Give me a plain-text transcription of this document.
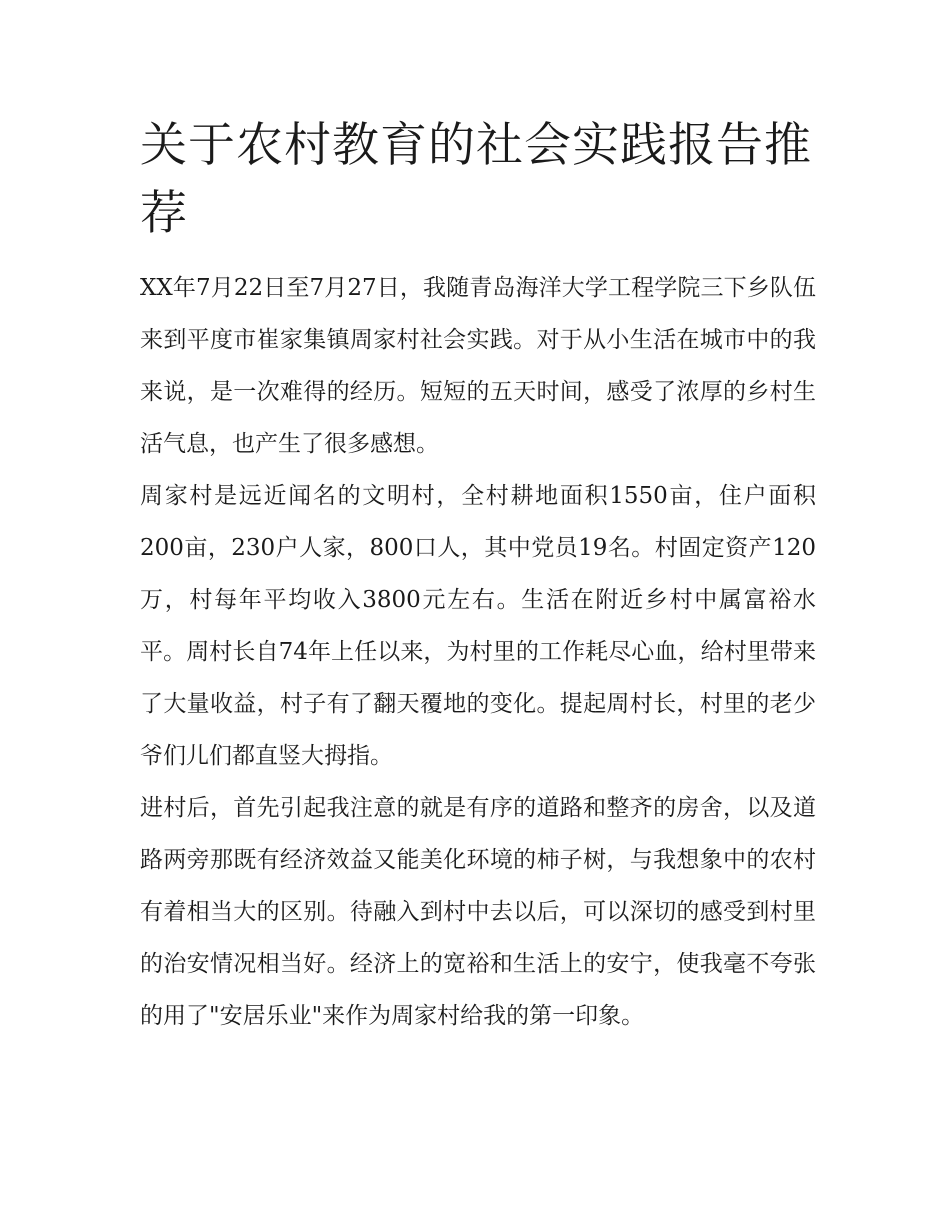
关于农村教育的社会实践报告推荐

XX年7月22日至7月27日，我随青岛海洋大学工程学院三下乡队伍来到平度市崔家集镇周家村社会实践。对于从小生活在城市中的我来说，是一次难得的经历。短短的五天时间，感受了浓厚的乡村生活气息，也产生了很多感想。

周家村是远近闻名的文明村，全村耕地面积1550亩，住户面积200亩，230户人家，800口人，其中党员19名。村固定资产120万，村每年平均收入3800元左右。生活在附近乡村中属富裕水平。周村长自74年上任以来，为村里的工作耗尽心血，给村里带来了大量收益，村子有了翻天覆地的变化。提起周村长，村里的老少爷们儿们都直竖大拇指。

进村后，首先引起我注意的就是有序的道路和整齐的房舍，以及道路两旁那既有经济效益又能美化环境的柿子树，与我想象中的农村有着相当大的区别。待融入到村中去以后，可以深切的感受到村里的治安情况相当好。经济上的宽裕和生活上的安宁，使我毫不夸张的用了"安居乐业"来作为周家村给我的第一印象。
